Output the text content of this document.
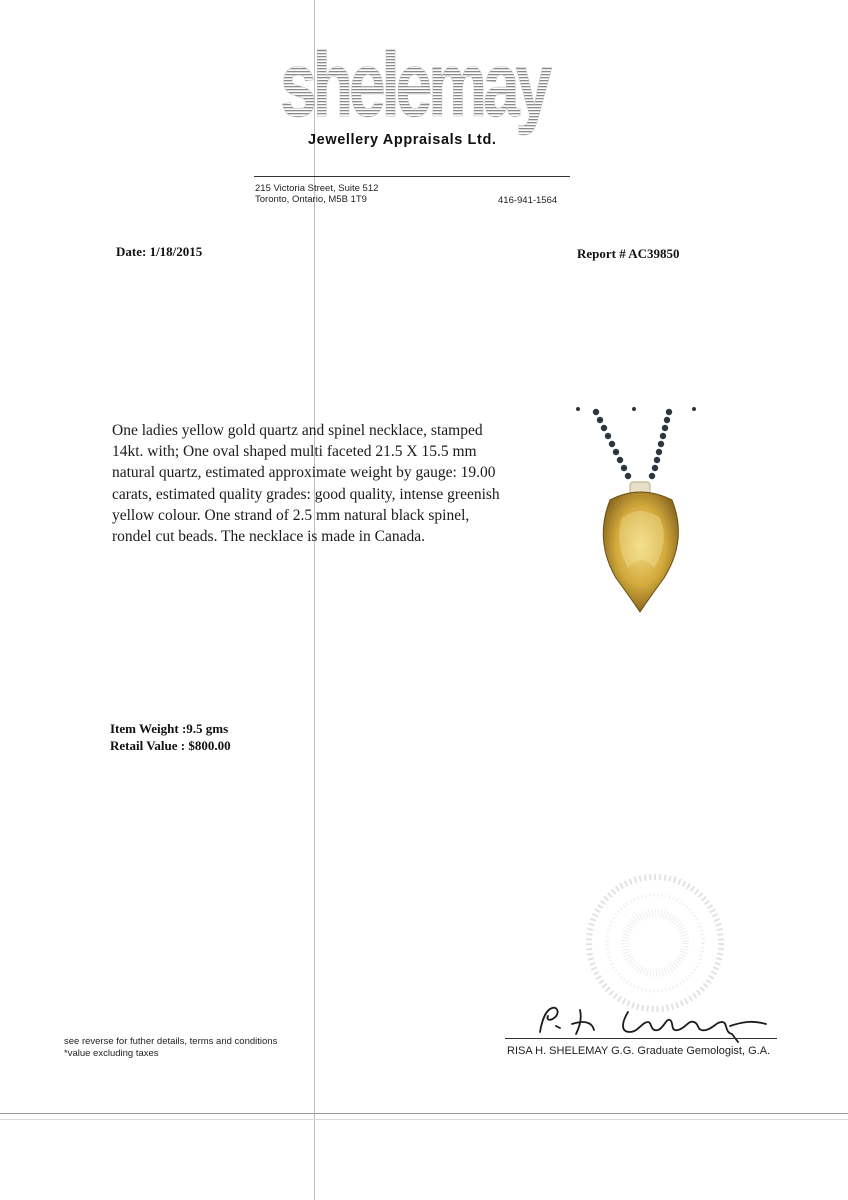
shelemay
Jewellery Appraisals Ltd.
215 Victoria Street, Suite 512
Toronto, Ontario, M5B 1T9	416-941-1564
Date: 1/18/2015	Report # AC39850
One ladies yellow gold quartz and spinel necklace, stamped 14kt. with; One oval shaped multi faceted 21.5 X 15.5 mm natural quartz, estimated approximate weight by gauge: 19.00 carats, estimated quality grades: good quality, intense greenish yellow colour. One strand of 2.5 mm natural black spinel, rondel cut beads. The necklace is made in Canada.
Item Weight :9.5 gms
Retail Value : $800.00
RISA H. SHELEMAY G.G. Graduate Gemologist, G.A.
see reverse for futher details, terms and conditions
*value excluding taxes
